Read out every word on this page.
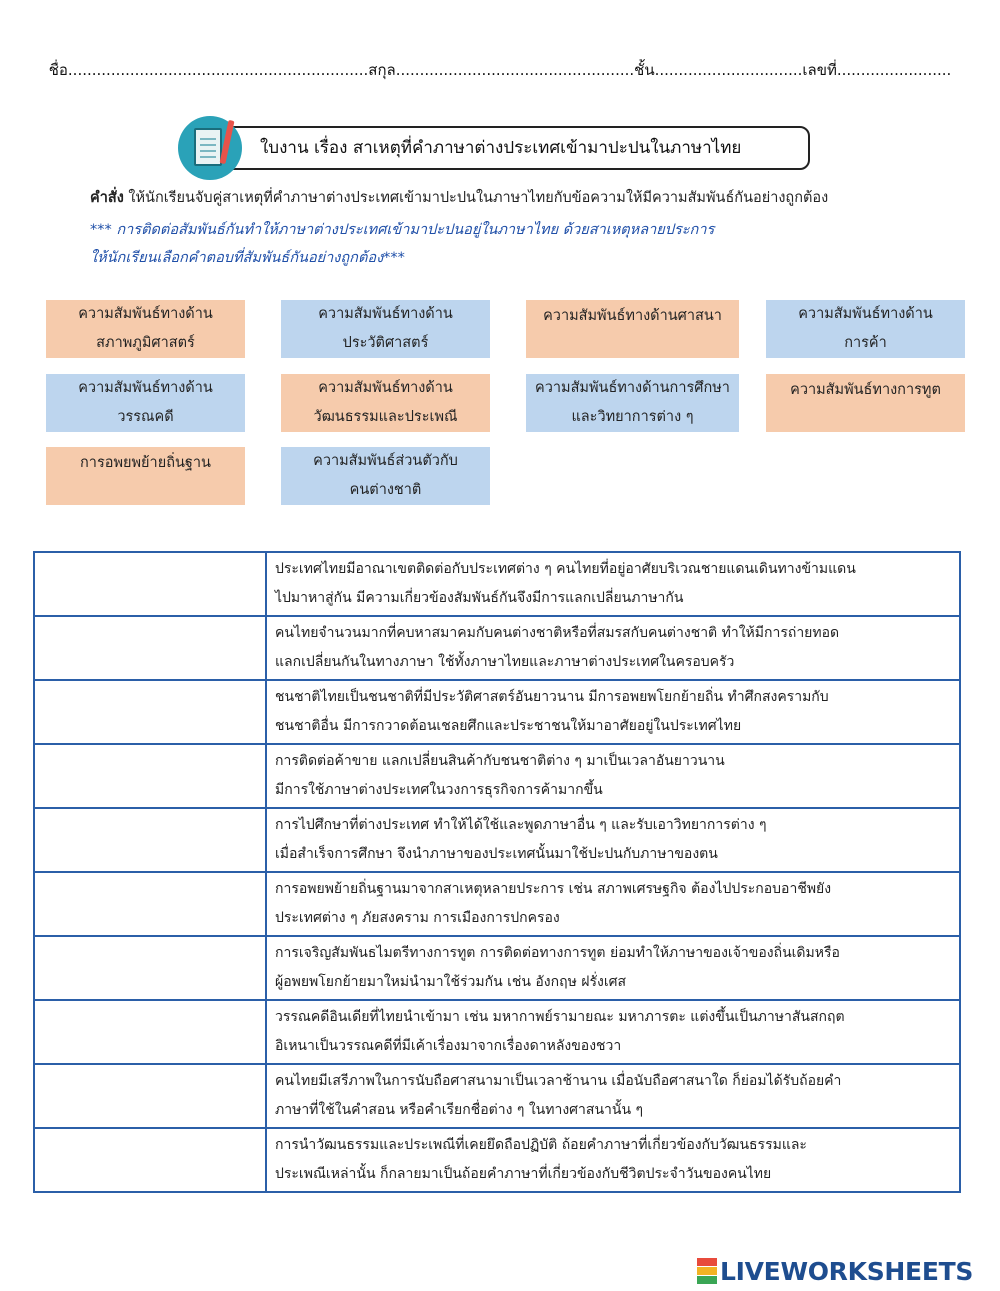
ชื่อ...............................................................สกุล..................................................ชั้น...............................เลขที่........................
ใบงาน เรื่อง สาเหตุที่คำภาษาต่างประเทศเข้ามาปะปนในภาษาไทย
คำสั่ง ให้นักเรียนจับคู่สาเหตุที่คำภาษาต่างประเทศเข้ามาปะปนในภาษาไทยกับข้อความให้มีความสัมพันธ์กันอย่างถูกต้อง
*** การติดต่อสัมพันธ์กันทำให้ภาษาต่างประเทศเข้ามาปะปนอยู่ในภาษาไทย ด้วยสาเหตุหลายประการ
ให้นักเรียนเลือกคำตอบที่สัมพันธ์กันอย่างถูกต้อง***
ความสัมพันธ์ทางด้าน
สภาพภูมิศาสตร์
ความสัมพันธ์ทางด้าน
ประวัติศาสตร์
ความสัมพันธ์ทางด้านศาสนา	ความสัมพันธ์ทางด้าน
การค้า
ความสัมพันธ์ทางด้าน
วรรณคดี
ความสัมพันธ์ทางด้าน
วัฒนธรรมและประเพณี
ความสัมพันธ์ทางด้านการศึกษา
และวิทยาการต่าง ๆ
ความสัมพันธ์ทางการทูต
การอพยพย้ายถิ่นฐาน	ความสัมพันธ์ส่วนตัวกับ
คนต่างชาติ

	ประเทศไทยมีอาณาเขตติดต่อกับประเทศต่าง ๆ คนไทยที่อยู่อาศัยบริเวณชายแดนเดินทางข้ามแดน
ไปมาหาสู่กัน มีความเกี่ยวข้องสัมพันธ์กันจึงมีการแลกเปลี่ยนภาษากัน

	คนไทยจำนวนมากที่คบหาสมาคมกับคนต่างชาติหรือที่สมรสกับคนต่างชาติ ทำให้มีการถ่ายทอด
แลกเปลี่ยนกันในทางภาษา ใช้ทั้งภาษาไทยและภาษาต่างประเทศในครอบครัว

	ชนชาติไทยเป็นชนชาติที่มีประวัติศาสตร์อันยาวนาน มีการอพยพโยกย้ายถิ่น ทำศึกสงครามกับ
ชนชาติอื่น มีการกวาดต้อนเชลยศึกและประชาชนให้มาอาศัยอยู่ในประเทศไทย

	การติดต่อค้าขาย แลกเปลี่ยนสินค้ากับชนชาติต่าง ๆ มาเป็นเวลาอันยาวนาน
มีการใช้ภาษาต่างประเทศในวงการธุรกิจการค้ามากขึ้น

	การไปศึกษาที่ต่างประเทศ ทำให้ได้ใช้และพูดภาษาอื่น ๆ และรับเอาวิทยาการต่าง ๆ
เมื่อสำเร็จการศึกษา จึงนำภาษาของประเทศนั้นมาใช้ปะปนกับภาษาของตน

	การอพยพย้ายถิ่นฐานมาจากสาเหตุหลายประการ เช่น สภาพเศรษฐกิจ ต้องไปประกอบอาชีพยัง
ประเทศต่าง ๆ ภัยสงคราม การเมืองการปกครอง

	การเจริญสัมพันธไมตรีทางการทูต การติดต่อทางการทูต ย่อมทำให้ภาษาของเจ้าของถิ่นเดิมหรือ
ผู้อพยพโยกย้ายมาใหม่นำมาใช้ร่วมกัน เช่น อังกฤษ ฝรั่งเศส

	วรรณคดีอินเดียที่ไทยนำเข้ามา เช่น มหากาพย์รามายณะ มหาภารตะ แต่งขึ้นเป็นภาษาสันสกฤต
อิเหนาเป็นวรรณคดีที่มีเค้าเรื่องมาจากเรื่องดาหลังของชวา

	คนไทยมีเสรีภาพในการนับถือศาสนามาเป็นเวลาช้านาน เมื่อนับถือศาสนาใด ก็ย่อมได้รับถ้อยคำ
ภาษาที่ใช้ในคำสอน หรือคำเรียกชื่อต่าง ๆ ในทางศาสนานั้น ๆ

	การนำวัฒนธรรมและประเพณีที่เคยยึดถือปฏิบัติ ถ้อยคำภาษาที่เกี่ยวข้องกับวัฒนธรรมและ
ประเพณีเหล่านั้น ก็กลายมาเป็นถ้อยคำภาษาที่เกี่ยวข้องกับชีวิตประจำวันของคนไทย
LIVEWORKSHEETS
